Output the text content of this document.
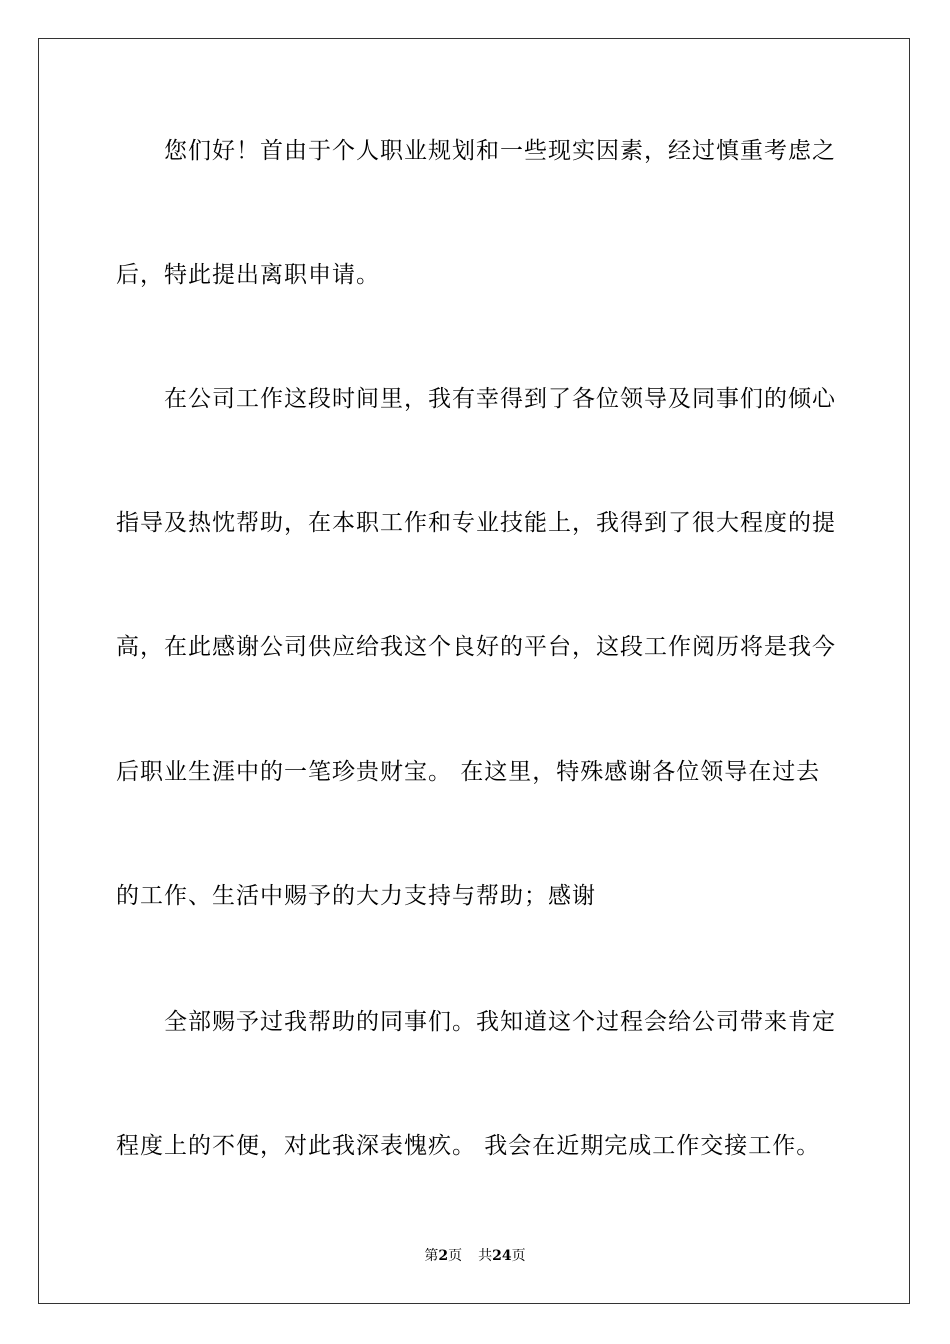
您们好！首由于个人职业规划和一些现实因素，经过慎重考虑之
后，特此提出离职申请。
在公司工作这段时间里，我有幸得到了各位领导及同事们的倾心
指导及热忱帮助，在本职工作和专业技能上，我得到了很大程度的提
高，在此感谢公司供应给我这个良好的平台，这段工作阅历将是我今
后职业生涯中的一笔珍贵财宝。 在这里，特殊感谢各位领导在过去
的工作、生活中赐予的大力支持与帮助；感谢
全部赐予过我帮助的同事们。我知道这个过程会给公司带来肯定
程度上的不便，对此我深表愧疚。 我会在近期完成工作交接工作。
第2页 共24页
